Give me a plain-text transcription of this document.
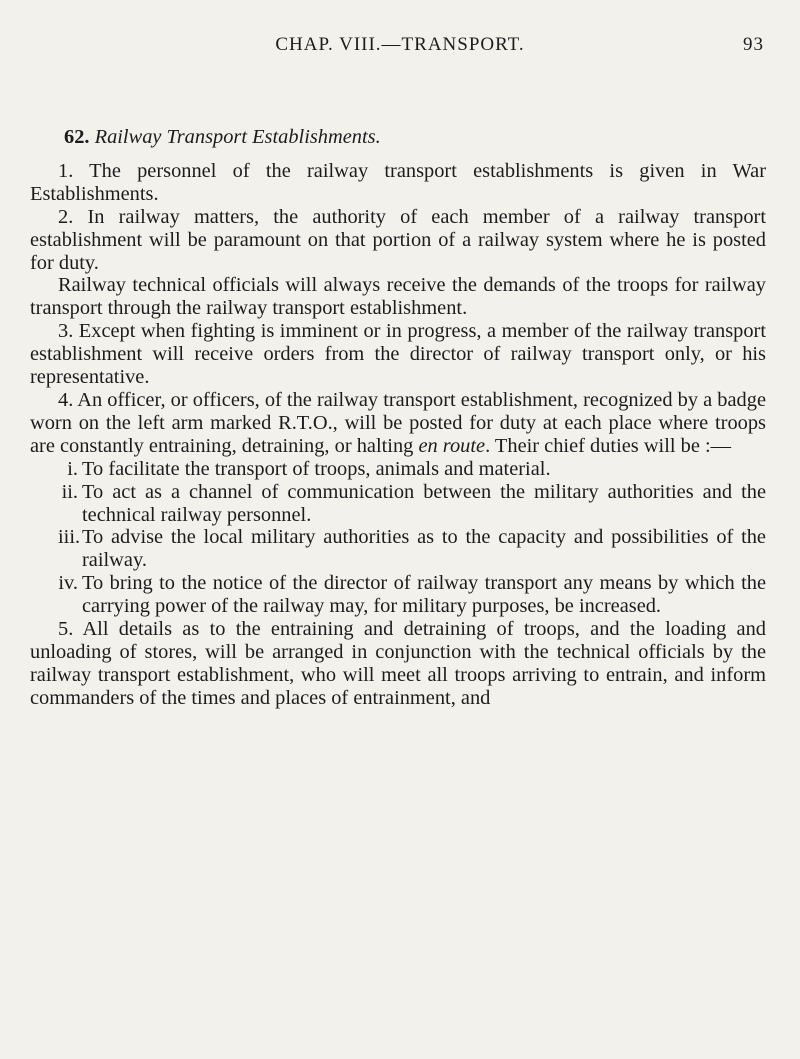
CHAP. VIII.—TRANSPORT.	93
62. Railway Transport Establishments.

1. The personnel of the railway transport establishments is given in War Establishments.

2. In railway matters, the authority of each member of a railway transport establishment will be paramount on that portion of a railway system where he is posted for duty.

Railway technical officials will always receive the demands of the troops for railway transport through the railway transport establishment.

3. Except when fighting is imminent or in progress, a member of the railway transport establishment will receive orders from the director of railway transport only, or his representative.

4. An officer, or officers, of the railway transport establishment, recognized by a badge worn on the left arm marked R.T.O., will be posted for duty at each place where troops are constantly entraining, detraining, or halting en route. Their chief duties will be :—

i. To facilitate the transport of troops, animals and material.
ii. To act as a channel of communication between the military authorities and the technical railway personnel.
iii. To advise the local military authorities as to the capacity and possibilities of the railway.
iv. To bring to the notice of the director of railway transport any means by which the carrying power of the railway may, for military purposes, be increased.

5. All details as to the entraining and detraining of troops, and the loading and unloading of stores, will be arranged in conjunction with the technical officials by the railway transport establishment, who will meet all troops arriving to entrain, and inform commanders of the times and places of entrainment, and
